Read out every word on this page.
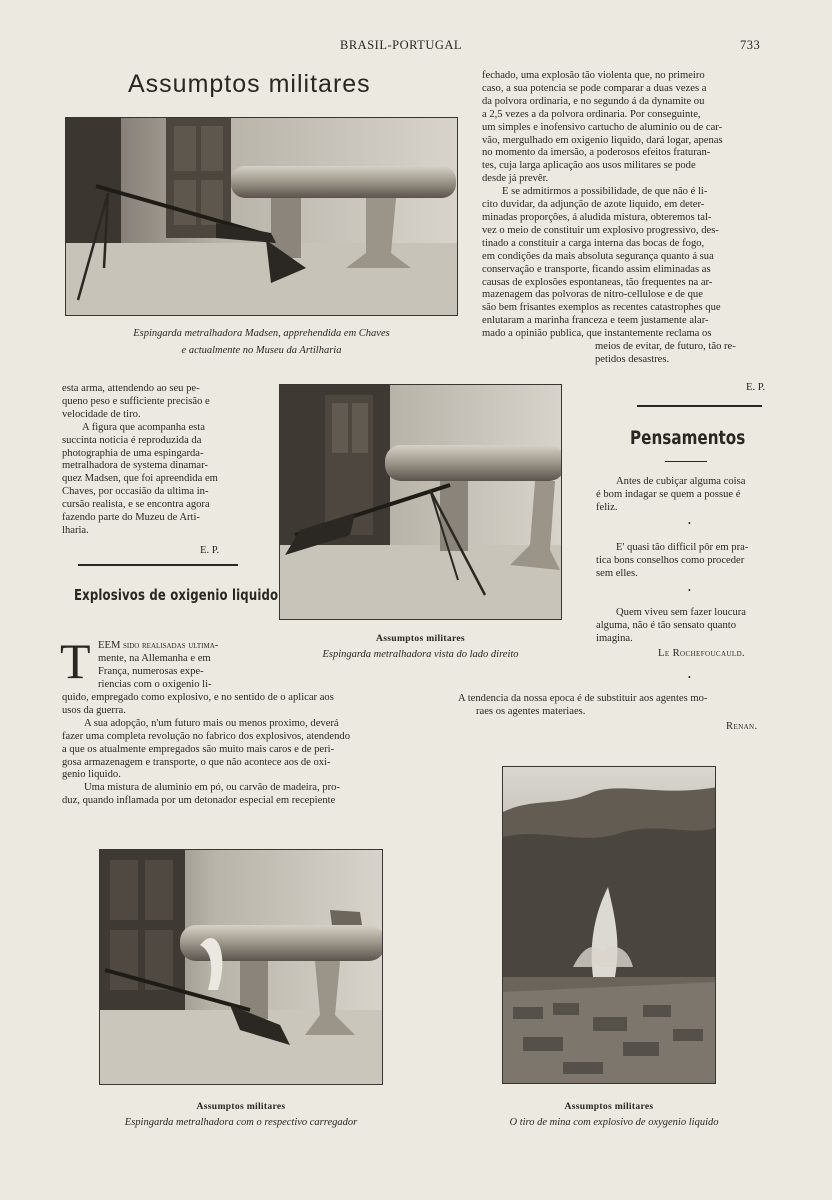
BRASIL-PORTUGAL	733
Assumptos militares
Espingarda metralhadora Madsen, apprehendida em Chaves
e actualmente no Museu da Artilharia

esta arma, attendendo ao seu pe-

queno peso e sufficiente precisão e

velocidade de tiro.

A figura que acompanha esta

succinta noticia é reproduzida da

photographia de uma espingarda-

metralhadora de systema dinamar-

quez Madsen, que foi apreendida em

Chaves, por occasião da ultima in-

cursão realista, e se encontra agora

fazendo parte do Muzeu de Arti-

lharia.

E. P.
Explosivos de oxigenio liquido
Assumptos militares
Espingarda metralhadora vista do lado direito
T EEM sido realisadas ultima-

mente, na Allemanha e em

França, numerosas expe-

riencias com o oxigenio li-

quido, empregado como explosivo, e no sentido de o aplicar aos

usos da guerra.

A sua adopção, n'um futuro mais ou menos proximo, deverá

fazer uma completa revolução no fabrico dos explosivos, atendendo

a que os atualmente empregados são muito mais caros e de peri-

gosa armazenagem e transporte, o que não acontece aos de oxi-

genio liquido.

Uma mistura de aluminio em pó, ou carvão de madeira, pro-

duz, quando inflamada por um detonador especial em recepiente

fechado, uma explosão tão violenta que, no primeiro

caso, a sua potencia se pode comparar a duas vezes a

da polvora ordinaria, e no segundo á da dynamite ou

a 2,5 vezes a da polvora ordinaria. Por conseguinte,

um simples e inofensivo cartucho de aluminio ou de car-

vão, mergulhado em oxigenio liquido, dará logar, apenas

no momento da imersão, a poderosos efeitos fraturan-

tes, cuja larga aplicação aos usos militares se pode

desde já prevêr.

E se admitirmos a possibilidade, de que não é li-

cito duvidar, da adjunção de azote liquido, em deter-

minadas proporções, á aludida mistura, obteremos tal-

vez o meio de constituir um explosivo progressivo, des-

tinado a constituir a carga interna das bocas de fogo,

em condições da mais absoluta segurança quanto á sua

conservação e transporte, ficando assim eliminadas as

causas de explosões espontaneas, tão frequentes na ar-

mazenagem das polvoras de nitro-cellulose e de que

são bem frisantes exemplos as recentes catastrophes que

enlutaram a marinha franceza e teem justamente alar-

mado a opinião publica, que instantemente reclama os

meios de evitar, de futuro, tão re-

petidos desastres.

E. P.
Pensamentos

Antes de cubiçar alguma coisa

é bom indagar se quem a possue é

feliz.

•

E' quasi tão difficil pôr em pra-

tica bons conselhos como proceder

sem elles.

•

Quem viveu sem fazer loucura

alguma, não é tão sensato quanto

imagina.

Le Rochefoucauld.
•

A tendencia da nossa epoca é de substituir aos agentes mo-

raes os agentes materiaes.

Renan.
Assumptos militares
Espingarda metralhadora com o respectivo carregador
Assumptos militares
O tiro de mina com explosivo de oxygenio liquido
